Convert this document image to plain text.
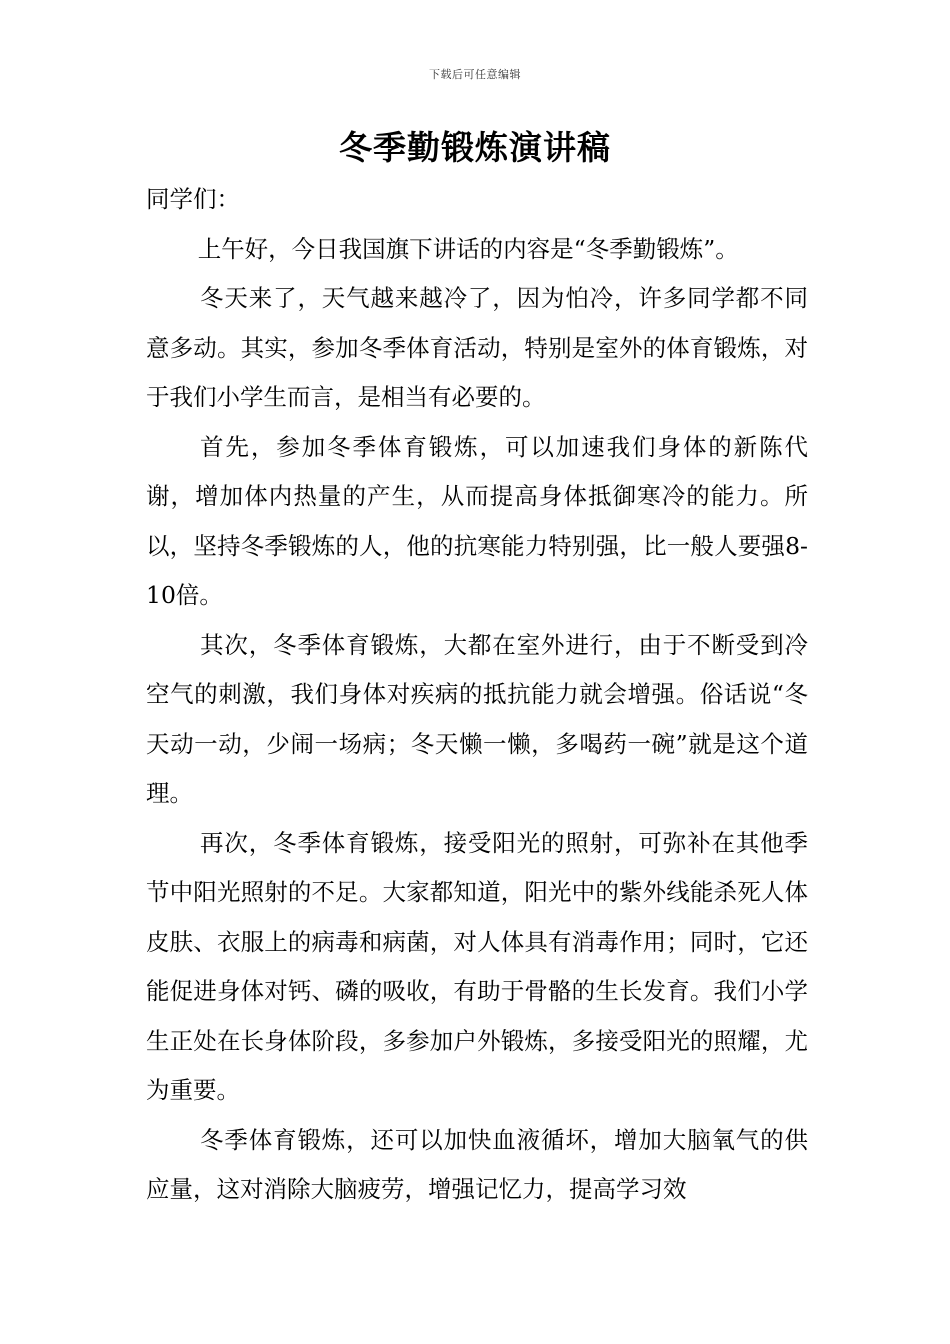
下载后可任意编辑
冬季勤锻炼演讲稿

同学们：

上午好，今日我国旗下讲话的内容是“冬季勤锻炼”。

冬天来了，天气越来越冷了，因为怕冷，许多同学都不同意多动。其实，参加冬季体育活动，特别是室外的体育锻炼，对于我们小学生而言，是相当有必要的。

首先，参加冬季体育锻炼，可以加速我们身体的新陈代谢，增加体内热量的产生，从而提高身体抵御寒冷的能力。所以，坚持冬季锻炼的人，他的抗寒能力特别强，比一般人要强8-10倍。

其次，冬季体育锻炼，大都在室外进行，由于不断受到冷空气的刺激，我们身体对疾病的抵抗能力就会增强。俗话说“冬天动一动，少闹一场病；冬天懒一懒，多喝药一碗”就是这个道理。

再次，冬季体育锻炼，接受阳光的照射，可弥补在其他季节中阳光照射的不足。大家都知道，阳光中的紫外线能杀死人体皮肤、衣服上的病毒和病菌，对人体具有消毒作用；同时，它还能促进身体对钙、磷的吸收，有助于骨骼的生长发育。我们小学生正处在长身体阶段，多参加户外锻炼，多接受阳光的照耀，尤为重要。

冬季体育锻炼，还可以加快血液循坏，增加大脑氧气的供应量，这对消除大脑疲劳，增强记忆力，提高学习效
